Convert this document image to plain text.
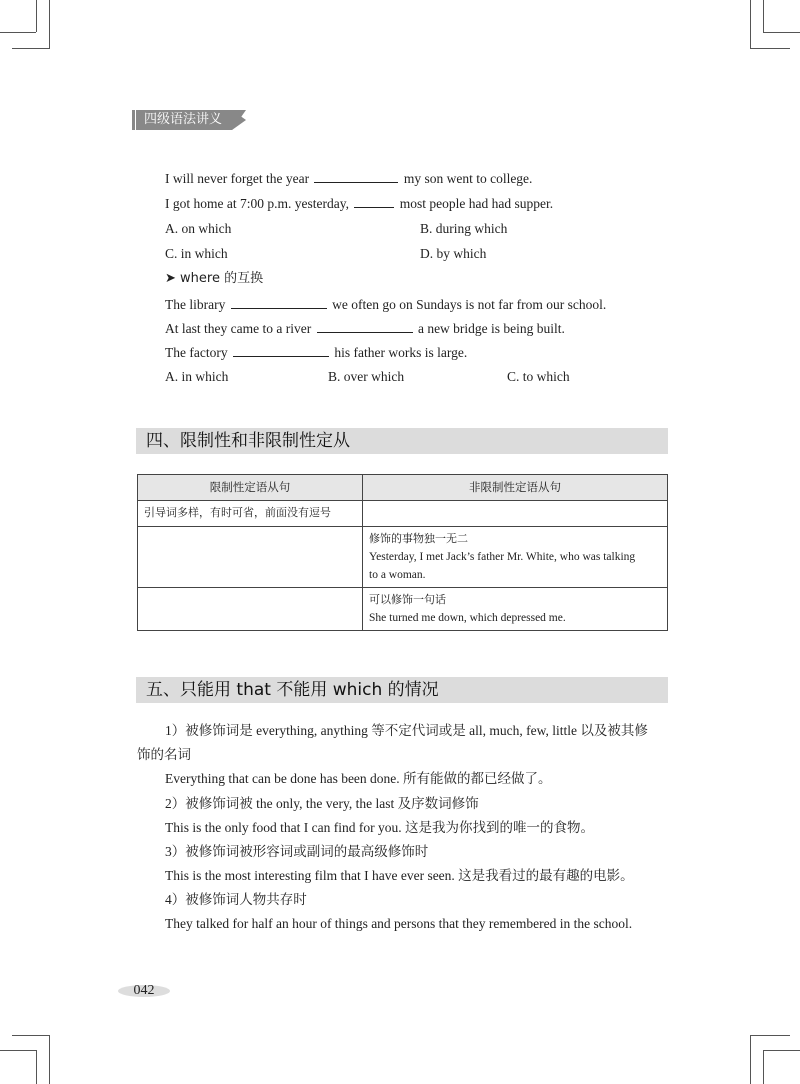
四级语法讲义
I will never forget the year	my son went to college.
I got home at 7:00 p.m. yesterday,	most people had had supper.
A. on which	B. during which
C. in which	D. by which
➤ where 的互换
The library	we often go on Sundays is not far from our school.
At last they came to a river	a new bridge is being built.
The factory	his father works is large.
A. in which	B. over which	C. to which
四、限制性和非限制性定从
限制性定语从句	非限制性定语从句
引导词多样，有时可省，前面没有逗号	

	修饰的事物独一无二
Yesterday, I met Jack’s father Mr. White, who was talking
to a woman.

	可以修饰一句话
She turned me down, which depressed me.
五、只能用 that 不能用 which 的情况
1）被修饰词是 everything, anything 等不定代词或是 all, much, few, little 以及被其修
饰的名词
Everything that can be done has been done. 所有能做的都已经做了。
2）被修饰词被 the only, the very, the last 及序数词修饰
This is the only food that I can find for you. 这是我为你找到的唯一的食物。
3）被修饰词被形容词或副词的最高级修饰时
This is the most interesting film that I have ever seen. 这是我看过的最有趣的电影。
4）被修饰词人物共存时
They talked for half an hour of things and persons that they remembered in the school.
042
